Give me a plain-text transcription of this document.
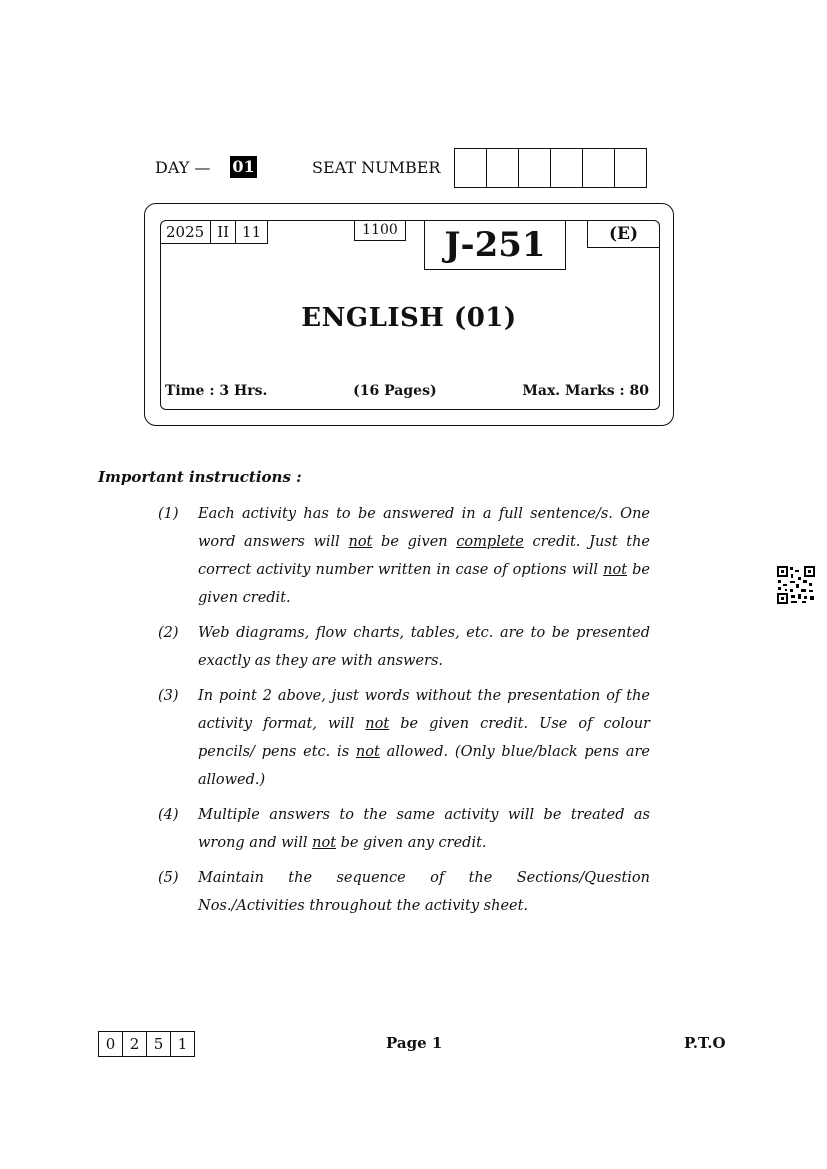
DAY — 01	SEAT NUMBER
2025 II 11	1100	J-251	(E)
ENGLISH (01)
Time : 3 Hrs.	(16 Pages)	Max. Marks : 80
Important instructions :
(1)	Each activity has to be answered in a full sentence/s. One word answers will not be given complete credit. Just the correct activity number written in case of options will not be given credit.
(2)	Web diagrams, flow charts, tables, etc. are to be presented exactly as they are with answers.
(3)	In point 2 above, just words without the presentation of the activity format, will not be given credit. Use of colour pencils/ pens etc. is not allowed. (Only blue/black pens are allowed.)
(4)	Multiple answers to the same activity will be treated as wrong and will not be given any credit.
(5)	Maintain the sequence of the Sections/Question Nos./Activities throughout the activity sheet.
0 2 5 1	Page 1	P.T.O
